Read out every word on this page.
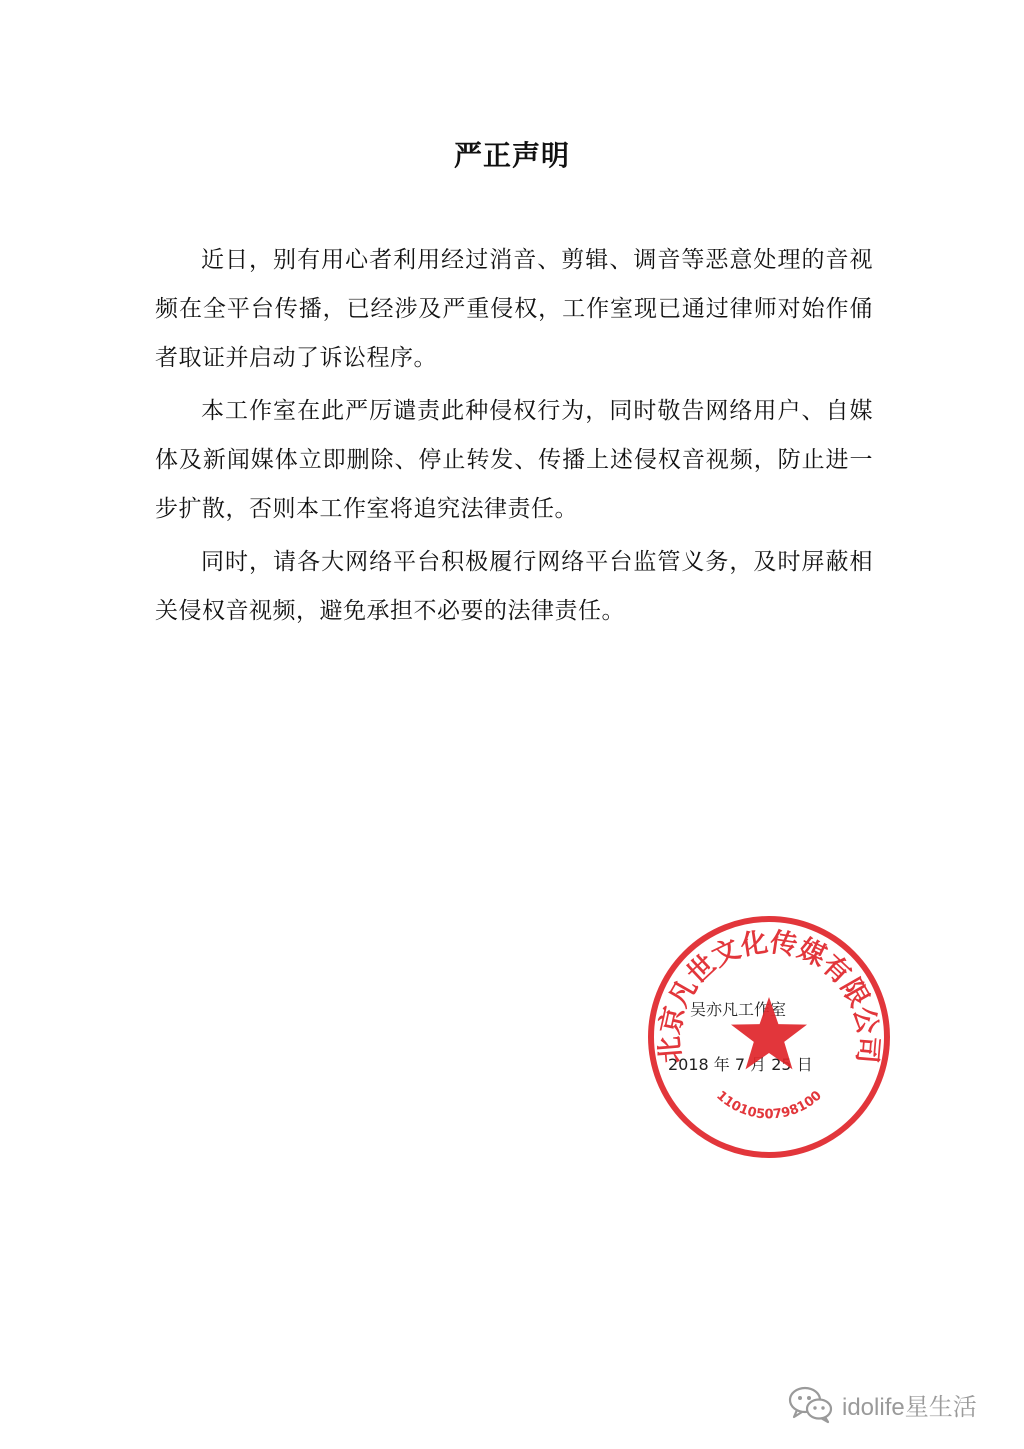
严正声明

近日，别有用心者利用经过消音、剪辑、调音等恶意处理的音视频在全平台传播，已经涉及严重侵权，工作室现已通过律师对始作俑者取证并启动了诉讼程序。

本工作室在此严厉谴责此种侵权行为，同时敬告网络用户、自媒体及新闻媒体立即删除、停止转发、传播上述侵权音视频，防止进一步扩散，否则本工作室将追究法律责任。

同时，请各大网络平台积极履行网络平台监管义务，及时屏蔽相关侵权音视频，避免承担不必要的法律责任。

吴亦凡工作室
2018 年 7 月 25 日
北京凡世文化传媒有限公司
1101050798100
idolife星生活
